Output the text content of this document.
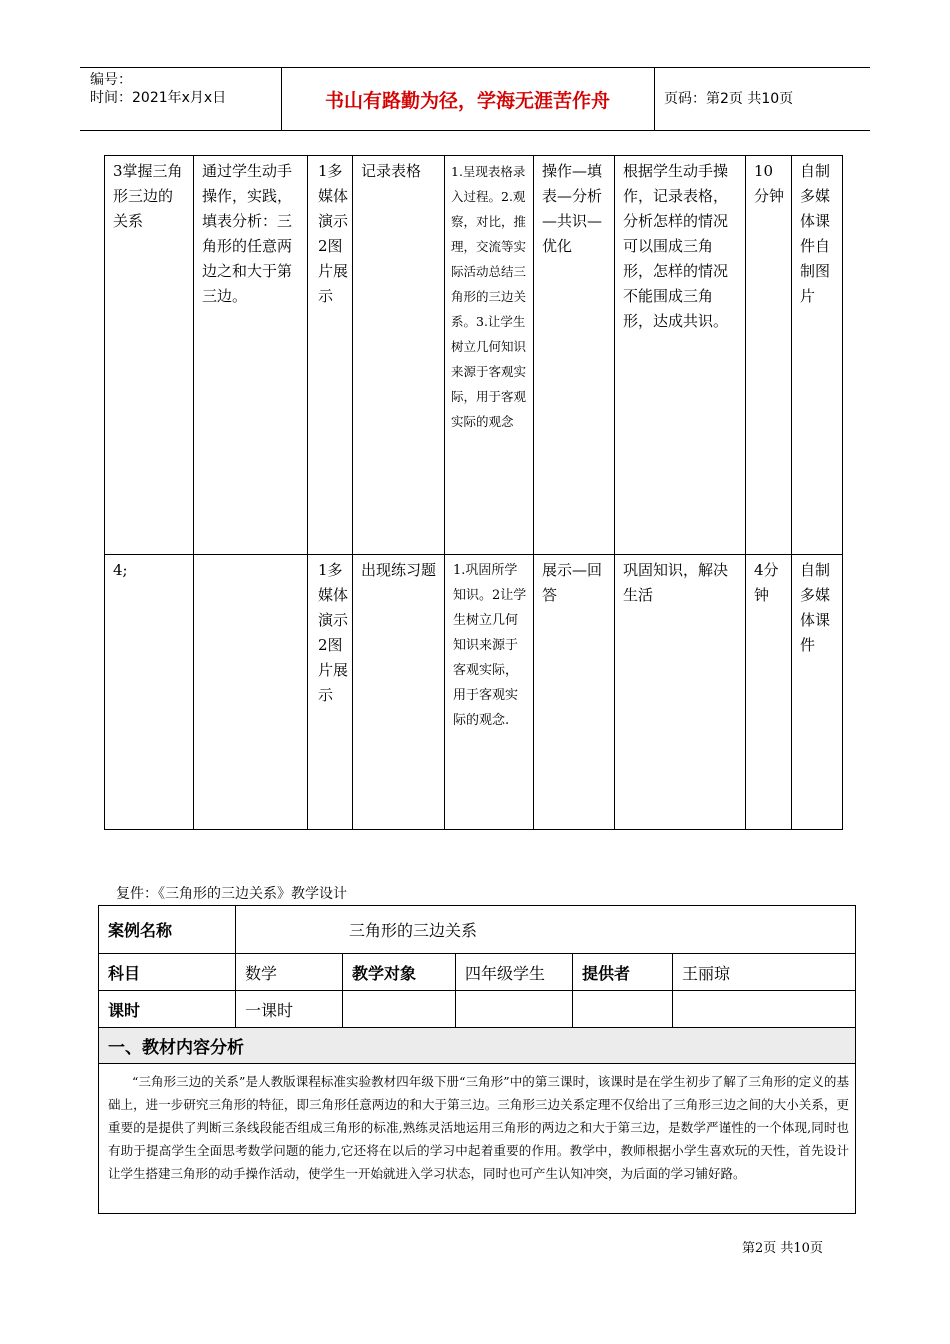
编号：
时间：2021年x月x日	书山有路勤为径，学海无涯苦作舟	页码：第2页 共10页
3掌握三角形三边的关系	通过学生动手操作，实践，填表分析：三角形的任意两边之和大于第三边。	1多媒体演示2图片展示	记录表格	1.呈现表格录入过程。2.观察，对比，推理，交流等实际活动总结三角形的三边关系。3.让学生树立几何知识来源于客观实际，用于客观实际的观念	操作—填表—分析—共识—优化	根据学生动手操作，记录表格，分析怎样的情况可以围成三角形，怎样的情况不能围成三角形，达成共识。	10分钟	自制多媒体课件自制图片
4;		1多媒体演示2图片展示	出现练习题	1.巩固所学知识。2让学生树立几何知识来源于客观实际，用于客观实际的观念.	展示—回答	巩固知识，解决生活	4分钟	自制多媒体课件
复件：《三角形的三边关系》教学设计
案例名称	三角形的三边关系				
科目	数学	教学对象	四年级学生	提供者	王丽琼
课时	一课时				
一、教材内容分析					
“三角形三边的关系”是人教版课程标准实验教材四年级下册“三角形”中的第三课时，该课时是在学生初步了解了三角形的定义的基础上，进一步研究三角形的特征，即三角形任意两边的和大于第三边。三角形三边关系定理不仅给出了三角形三边之间的大小关系，更重要的是提供了判断三条线段能否组成三角形的标准,熟练灵活地运用三角形的两边之和大于第三边，是数学严谨性的一个体现,同时也有助于提高学生全面思考数学问题的能力,它还将在以后的学习中起着重要的作用。教学中，教师根据小学生喜欢玩的天性，首先设计让学生搭建三角形的动手操作活动，使学生一开始就进入学习状态，同时也可产生认知冲突，为后面的学习铺好路。					
第2页 共10页
